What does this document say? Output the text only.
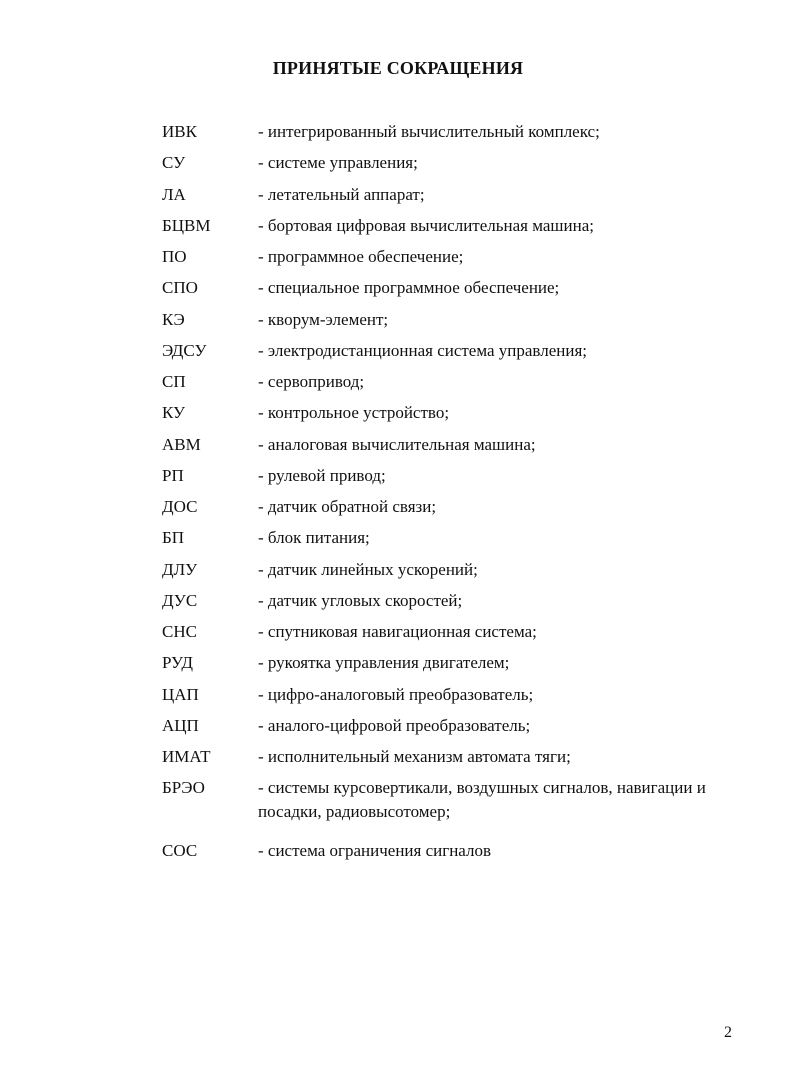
ПРИНЯТЫЕ СОКРАЩЕНИЯ
ИВК	- интегрированный вычислительный комплекс;
СУ	- системе управления;
ЛА	- летательный аппарат;
БЦВМ	- бортовая цифровая вычислительная машина;
ПО	- программное обеспечение;
СПО	- специальное программное обеспечение;
КЭ	- кворум-элемент;
ЭДСУ	- электродистанционная система управления;
СП	- сервопривод;
КУ	- контрольное устройство;
АВМ	- аналоговая вычислительная машина;
РП	- рулевой привод;
ДОС	- датчик обратной связи;
БП	- блок питания;
ДЛУ	- датчик линейных ускорений;
ДУС	- датчик угловых скоростей;
СНС	- спутниковая навигационная система;
РУД	- рукоятка управления двигателем;
ЦАП	- цифро-аналоговый преобразователь;
АЦП	- аналого-цифровой преобразователь;
ИМАТ	- исполнительный механизм автомата тяги;
БРЭО	- системы курсовертикали, воздушных сигналов, навигации и посадки, радиовысотомер;
СОС	- система ограничения сигналов
2
